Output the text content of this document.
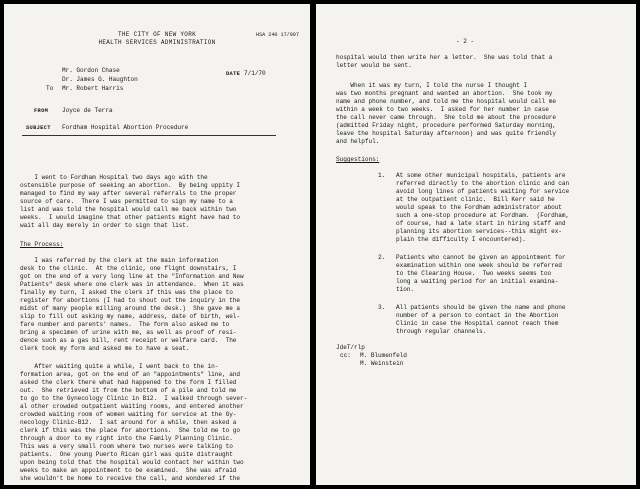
HSA 240 17/997
THE CITY OF NEW YORK
HEALTH SERVICES ADMINISTRATION
Mr. Gordon Chase
Dr. James G. Haughton
To Mr. Robert Harris
DATE 7/1/70
FROM Joyce de Terra
SUBJECT Fordham Hospital Abortion Procedure
I went to Fordham Hospital two days ago with the
ostensible purpose of seeking an abortion.  By being uppity I
managed to find my way after several referrals to the proper
source of care.  There I was permitted to sign my name to a
list and was told the hospital would call me back within two
weeks.  I would imagine that other patients might have had to
wait all day merely in order to sign that list.
The Process:
I was referred by the clerk at the main information
desk to the clinic.  At the clinic, one flight downstairs, I
got on the end of a very long line at the "Information and New
Patients" desk where one clerk was in attendance.  When it was
finally my turn, I asked the clerk if this was the place to
register for abortions (I had to shout out the inquiry in the
midst of many people milling around the desk.)  She gave me a
slip to fill out asking my name, address, date of birth, wel-
fare number and parents' names.  The form also asked me to
bring a specimen of urine with me, as well as proof of resi-
dence such as a gas bill, rent receipt or welfare card.  The
clerk took my form and asked me to have a seat.
After waiting quite a while, I went back to the in-
formation area, got on the end of an "appointments" line, and
asked the clerk there what had happened to the form I filled
out.  She retrieved it from the bottom of a pile and told me
to go to the Gynecology Clinic in B12.  I walked through sever-
al other crowded outpatient waiting rooms, and entered another
crowded waiting room of women waiting for service at the Gy-
necology Clinic-B12.  I sat around for a while, then asked a
clerk if this was the place for abortions.  She told me to go
through a door to my right into the Family Planning Clinic.
This was a very small room where two nurses were talking to
patients.  One young Puerto Rican girl was quite distraught
upon being told that the hospital would contact her within two
weeks to make an appointment to be examined.  She was afraid
she wouldn't be home to receive the call, and wondered if the
- 2 -
hospital would then write her a letter.  She was told that a
letter would be sent.
When it was my turn, I told the nurse I thought I
was two months pregnant and wanted an abortion.  She took my
name and phone number, and told me the hospital would call me
within a week to two weeks.  I asked for her number in case
the call never came through.  She told me about the procedure
(admitted Friday night, procedure performed Saturday morning,
leave the hospital Saturday afternoon) and was quite friendly
and helpful.
Suggestions:
1. At some other municipal hospitals, patients are
referred directly to the abortion clinic and can
avoid long lines of patients waiting for service
at the outpatient clinic.  Bill Kerr said he
would speak to the Fordham administrator about
such a one-stop procedure at Fordham.  (Fordham,
of course, had a late start in hiring staff and
planning its abortion services--this might ex-
plain the difficulty I encountered).
2. Patients who cannot be given an appointment for
examination within one week should be referred
to the Clearing House.  Two weeks seems too
long a waiting period for an initial examina-
tion.
3. All patients should be given the name and phone
number of a person to contact in the Abortion
Clinic in case the Hospital cannot reach them
through regular channels.
JdeT/rlp
cc: M. Blumenfeld
M. Weinstein
